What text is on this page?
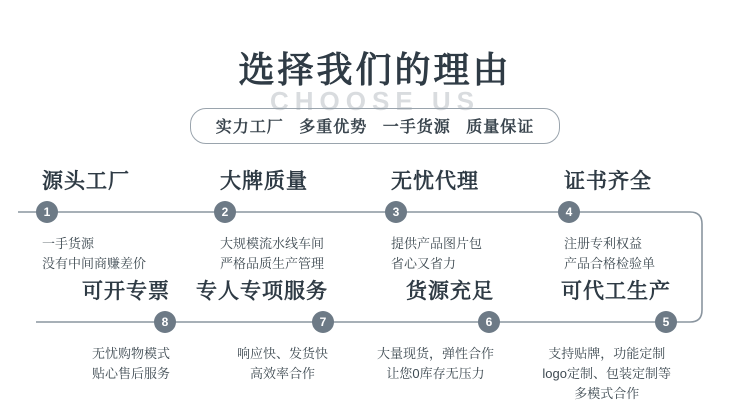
CHOOSE US
选择我们的理由
实力工厂 多重优势 一手货源 质量保证
1
源头工厂
一手货源
没有中间商赚差价
2
大牌质量
大规模流水线车间
严格品质生产管理
3
无忧代理
提供产品图片包
省心又省力
4
证书齐全
注册专利权益
产品合格检验单
5
可代工生产
支持贴牌，功能定制
logo定制、包装定制等
多模式合作
6
货源充足
大量现货，弹性合作
让您0库存无压力
7
专人专项服务
响应快、发货快
高效率合作
8
可开专票
无忧购物模式
贴心售后服务
